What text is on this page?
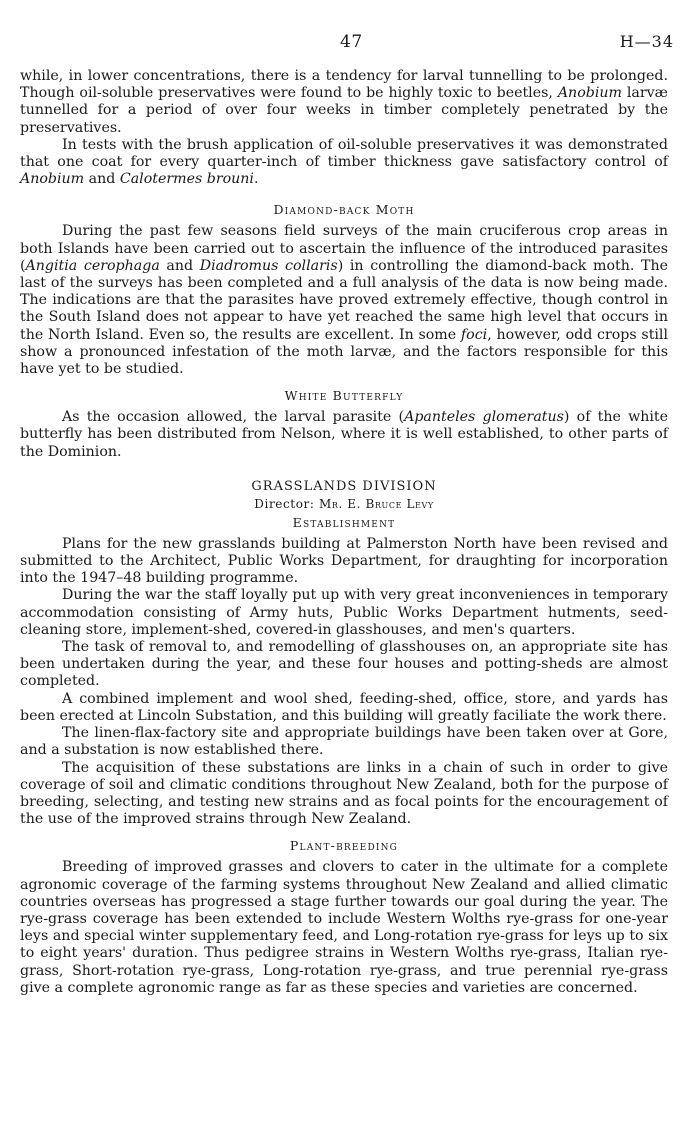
47	H—34

while, in lower concentrations, there is a tendency for larval tunnelling to be prolonged. Though oil-soluble preservatives were found to be highly toxic to beetles, Anobium larvæ tunnelled for a period of over four weeks in timber completely penetrated by the preservatives.

In tests with the brush application of oil-soluble preservatives it was demonstrated that one coat for every quarter-inch of timber thickness gave satisfactory control of Anobium and Calotermes brouni.

Diamond-back Moth

During the past few seasons field surveys of the main cruciferous crop areas in both Islands have been carried out to ascertain the influence of the introduced parasites (Angitia cerophaga and Diadromus collaris) in controlling the diamond-back moth. The last of the surveys has been completed and a full analysis of the data is now being made. The indications are that the parasites have proved extremely effective, though control in the South Island does not appear to have yet reached the same high level that occurs in the North Island. Even so, the results are excellent. In some foci, however, odd crops still show a pronounced infestation of the moth larvæ, and the factors responsible for this have yet to be studied.

White Butterfly

As the occasion allowed, the larval parasite (Apanteles glomeratus) of the white butterfly has been distributed from Nelson, where it is well established, to other parts of the Dominion.

GRASSLANDS DIVISION
Director: Mr. E. Bruce Levy
Establishment

Plans for the new grasslands building at Palmerston North have been revised and submitted to the Architect, Public Works Department, for draughting for incorporation into the 1947–48 building programme.

During the war the staff loyally put up with very great inconveniences in temporary accommodation consisting of Army huts, Public Works Department hutments, seed-cleaning store, implement-shed, covered-in glasshouses, and men's quarters.

The task of removal to, and remodelling of glasshouses on, an appropriate site has been undertaken during the year, and these four houses and potting-sheds are almost completed.

A combined implement and wool shed, feeding-shed, office, store, and yards has been erected at Lincoln Substation, and this building will greatly faciliate the work there.

The linen-flax-factory site and appropriate buildings have been taken over at Gore, and a substation is now established there.

The acquisition of these substations are links in a chain of such in order to give coverage of soil and climatic conditions throughout New Zealand, both for the purpose of breeding, selecting, and testing new strains and as focal points for the encouragement of the use of the improved strains through New Zealand.

Plant-breeding

Breeding of improved grasses and clovers to cater in the ultimate for a complete agronomic coverage of the farming systems throughout New Zealand and allied climatic countries overseas has progressed a stage further towards our goal during the year. The rye-grass coverage has been extended to include Western Wolths rye-grass for one-year leys and special winter supplementary feed, and Long-rotation rye-grass for leys up to six to eight years' duration. Thus pedigree strains in Western Wolths rye-grass, Italian rye-grass, Short-rotation rye-grass, Long-rotation rye-grass, and true perennial rye-grass give a complete agronomic range as far as these species and varieties are concerned.
